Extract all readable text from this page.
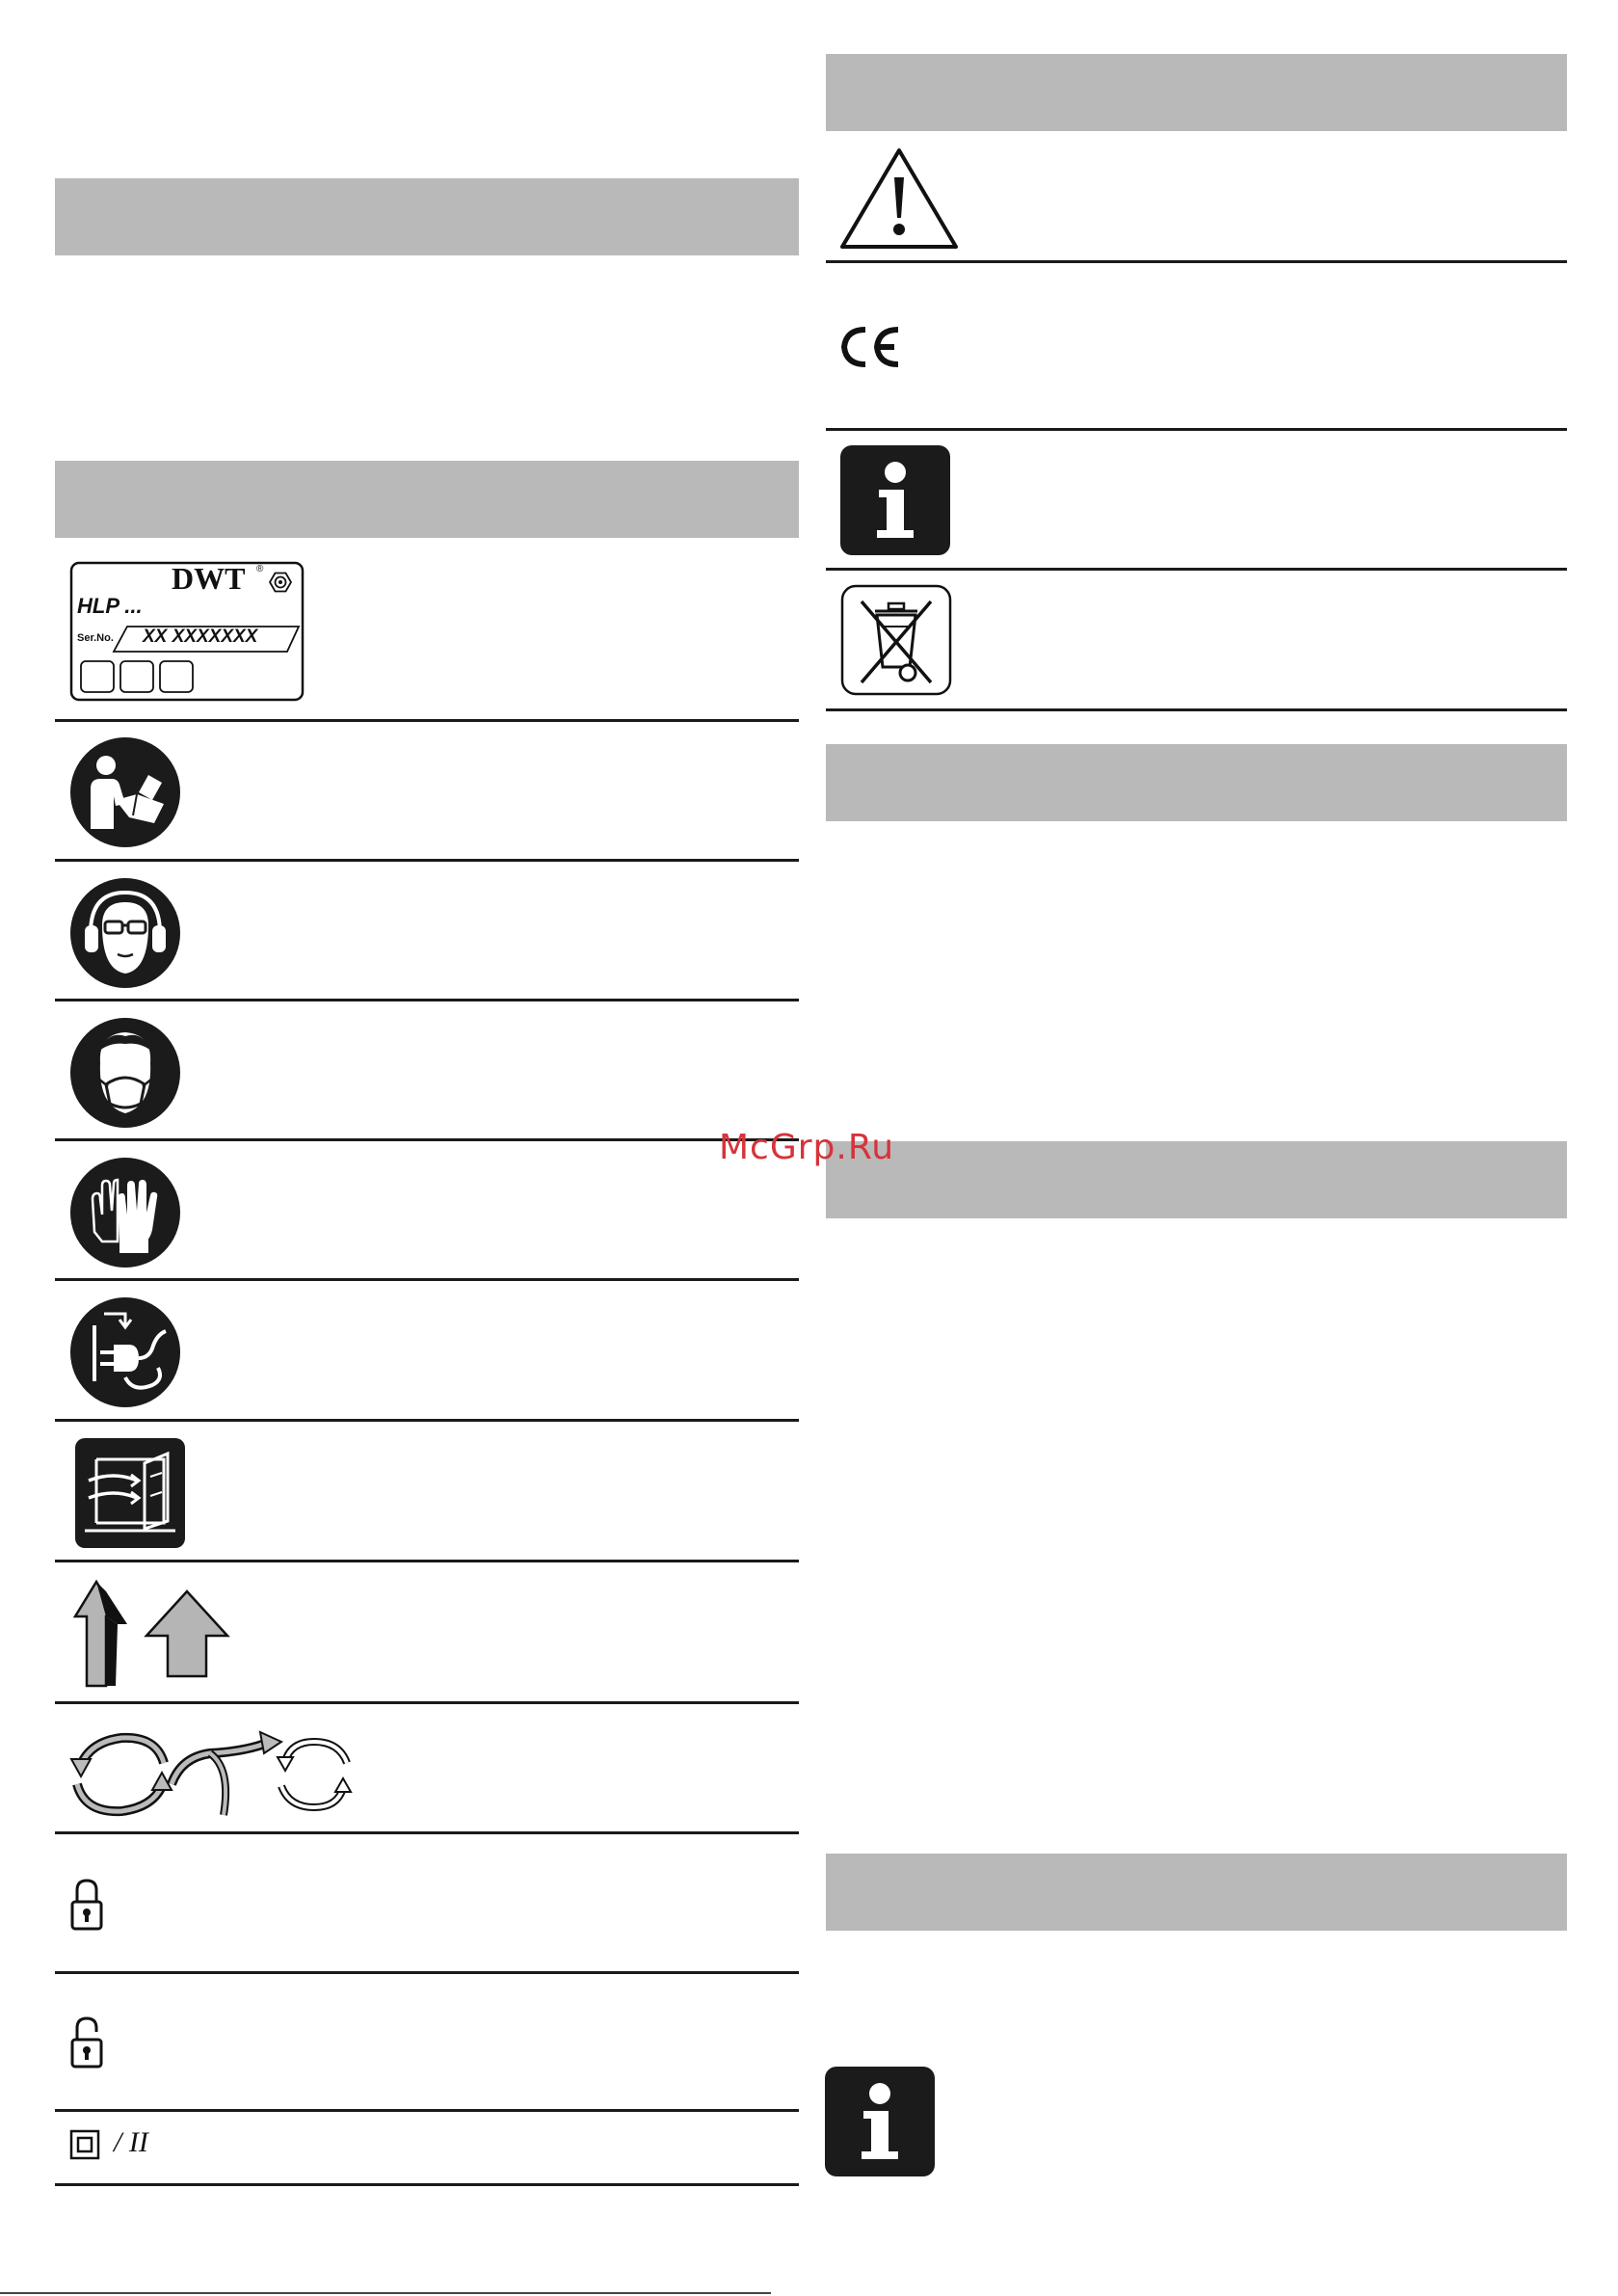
DWT ®
HLP ...
Ser.No. XX XXXXXXX
/ II
McGrp.Ru
